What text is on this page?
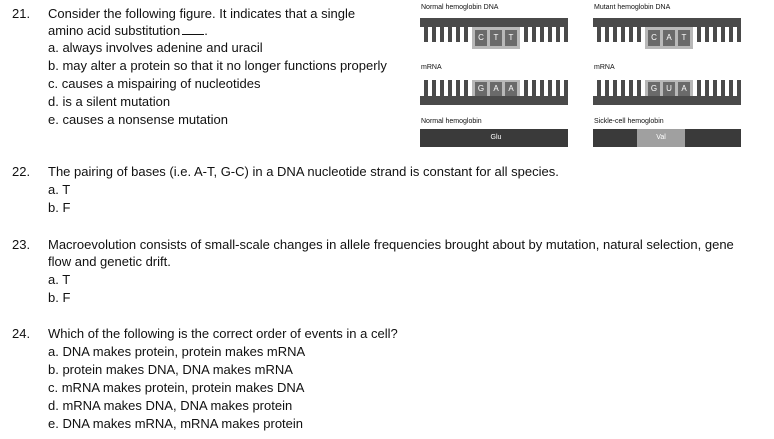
21. Consider the following figure. It indicates that a single
amino acid substitution .
a. always involves adenine and uracil
b. may alter a protein so that it no longer functions properly
c. causes a mispairing of nucleotides
d. is a silent mutation
e. causes a nonsense mutation
Normal hemoglobin DNA
C	T	T
mRNA
G	A	A
Normal hemoglobin
Glu
Mutant hemoglobin DNA
C	A	T
mRNA
G	U	A
Sickle-cell hemoglobin
Val
22. The pairing of bases (i.e. A-T, G-C) in a DNA nucleotide strand is constant for all species.
a. T
b. F
23. Macroevolution consists of small-scale changes in allele frequencies brought about by mutation, natural selection, gene
flow and genetic drift.
a. T
b. F
24. Which of the following is the correct order of events in a cell?
a. DNA makes protein, protein makes mRNA
b. protein makes DNA, DNA makes mRNA
c. mRNA makes protein, protein makes DNA
d. mRNA makes DNA, DNA makes protein
e. DNA makes mRNA, mRNA makes protein
